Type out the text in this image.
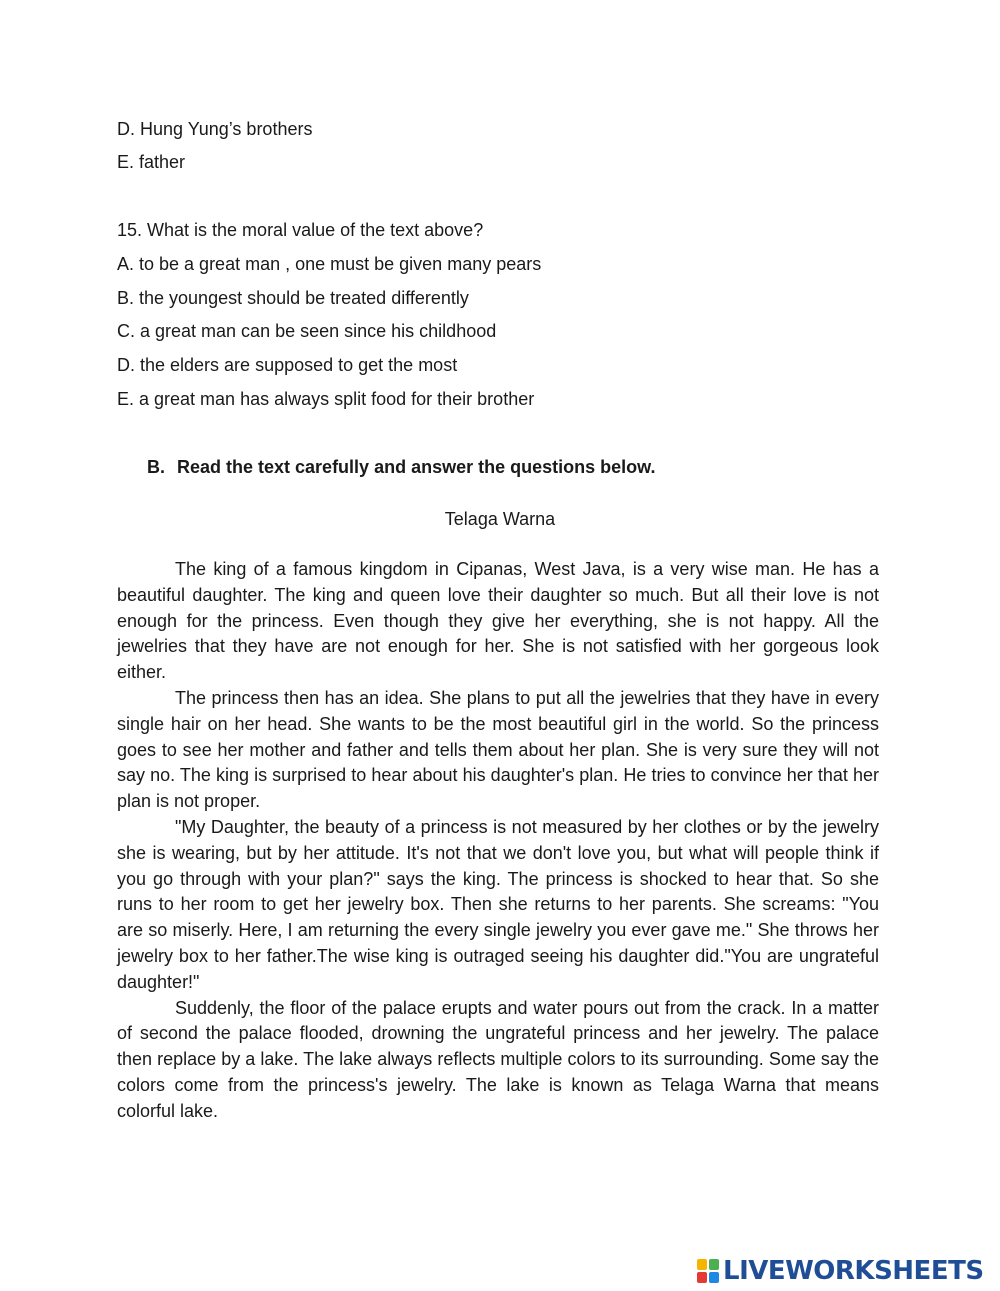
D. Hung Yung’s brothers
E. father
15. What is the moral value of the text above?
A. to be a great man , one must be given many pears
B. the youngest should be treated differently
C. a great man can be seen since his childhood
D. the elders are supposed to get the most
E. a great man has always split food for their brother
B. Read the text carefully and answer the questions below.
Telaga Warna

The king of a famous kingdom in Cipanas, West Java, is a very wise man. He has a beautiful daughter. The king and queen love their daughter so much. But all their love is not enough for the princess. Even though they give her everything, she is not happy. All the jewelries that they have are not enough for her. She is not satisfied with her gorgeous look either.

The princess then has an idea. She plans to put all the jewelries that they have in every single hair on her head. She wants to be the most beautiful girl in the world. So the princess goes to see her mother and father and tells them about her plan. She is very sure they will not say no. The king is surprised to hear about his daughter's plan. He tries to convince her that her plan is not proper.

"My Daughter, the beauty of a princess is not measured by her clothes or by the jewelry she is wearing, but by her attitude. It's not that we don't love you, but what will people think if you go through with your plan?" says the king. The princess is shocked to hear that. So she runs to her room to get her jewelry box. Then she returns to her parents. She screams: "You are so miserly. Here, I am returning the every single jewelry you ever gave me." She throws her jewelry box to her father.The wise king is outraged seeing his daughter did."You are ungrateful daughter!"

Suddenly, the floor of the palace erupts and water pours out from the crack. In a matter of second the palace flooded, drowning the ungrateful princess and her jewelry. The palace then replace by a lake. The lake always reflects multiple colors to its surrounding. Some say the colors come from the princess's jewelry. The lake is known as Telaga Warna that means colorful lake.

LIVEWORKSHEETS
